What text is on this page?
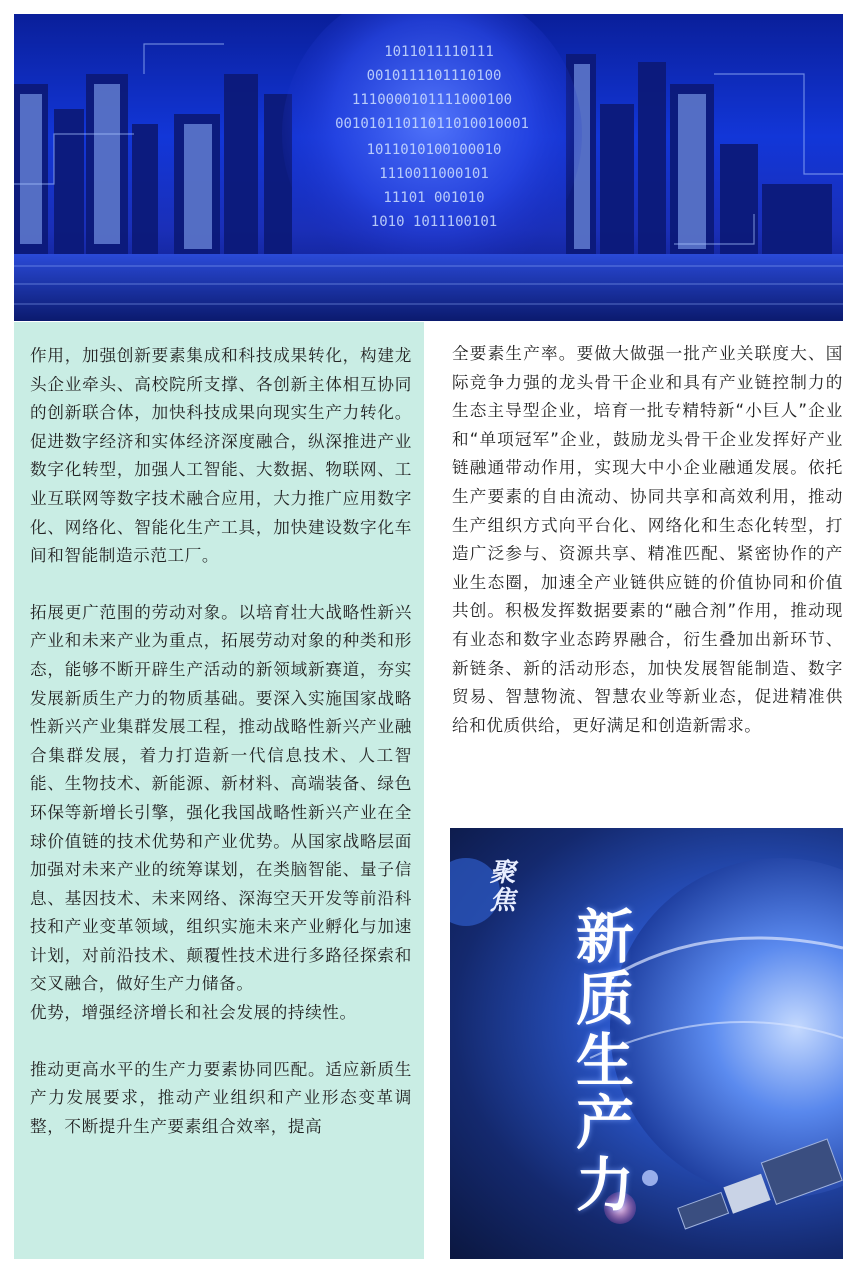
1011011110111
0010111101110100
1110000101111000100
00101011011011010010001
1011010100100010
1110011000101
11101 001010
1010 1011100101

作用，加强创新要素集成和科技成果转化，构建龙头企业牵头、高校院所支撑、各创新主体相互协同的创新联合体，加快科技成果向现实生产力转化。促进数字经济和实体经济深度融合，纵深推进产业数字化转型，加强人工智能、大数据、物联网、工业互联网等数字技术融合应用，大力推广应用数字化、网络化、智能化生产工具，加快建设数字化车间和智能制造示范工厂。

拓展更广范围的劳动对象。以培育壮大战略性新兴产业和未来产业为重点，拓展劳动对象的种类和形态，能够不断开辟生产活动的新领域新赛道，夯实发展新质生产力的物质基础。要深入实施国家战略性新兴产业集群发展工程，推动战略性新兴产业融合集群发展，着力打造新一代信息技术、人工智能、生物技术、新能源、新材料、高端装备、绿色环保等新增长引擎，强化我国战略性新兴产业在全球价值链的技术优势和产业优势。从国家战略层面加强对未来产业的统筹谋划，在类脑智能、量子信息、基因技术、未来网络、深海空天开发等前沿科技和产业变革领域，组织实施未来产业孵化与加速计划，对前沿技术、颠覆性技术进行多路径探索和交叉融合，做好生产力储备。

优势，增强经济增长和社会发展的持续性。

推动更高水平的生产力要素协同匹配。适应新质生产力发展要求，推动产业组织和产业形态变革调整，不断提升生产要素组合效率，提高

全要素生产率。要做大做强一批产业关联度大、国际竞争力强的龙头骨干企业和具有产业链控制力的生态主导型企业，培育一批专精特新“小巨人”企业和“单项冠军”企业，鼓励龙头骨干企业发挥好产业链融通带动作用，实现大中小企业融通发展。依托生产要素的自由流动、协同共享和高效利用，推动生产组织方式向平台化、网络化和生态化转型，打造广泛参与、资源共享、精准匹配、紧密协作的产业生态圈，加速全产业链供应链的价值协同和价值共创。积极发挥数据要素的“融合剂”作用，推动现有业态和数字业态跨界融合，衍生叠加出新环节、新链条、新的活动形态，加快发展智能制造、数字贸易、智慧物流、智慧农业等新业态，促进精准供给和优质供给，更好满足和创造新需求。

聚焦
新质生产力
